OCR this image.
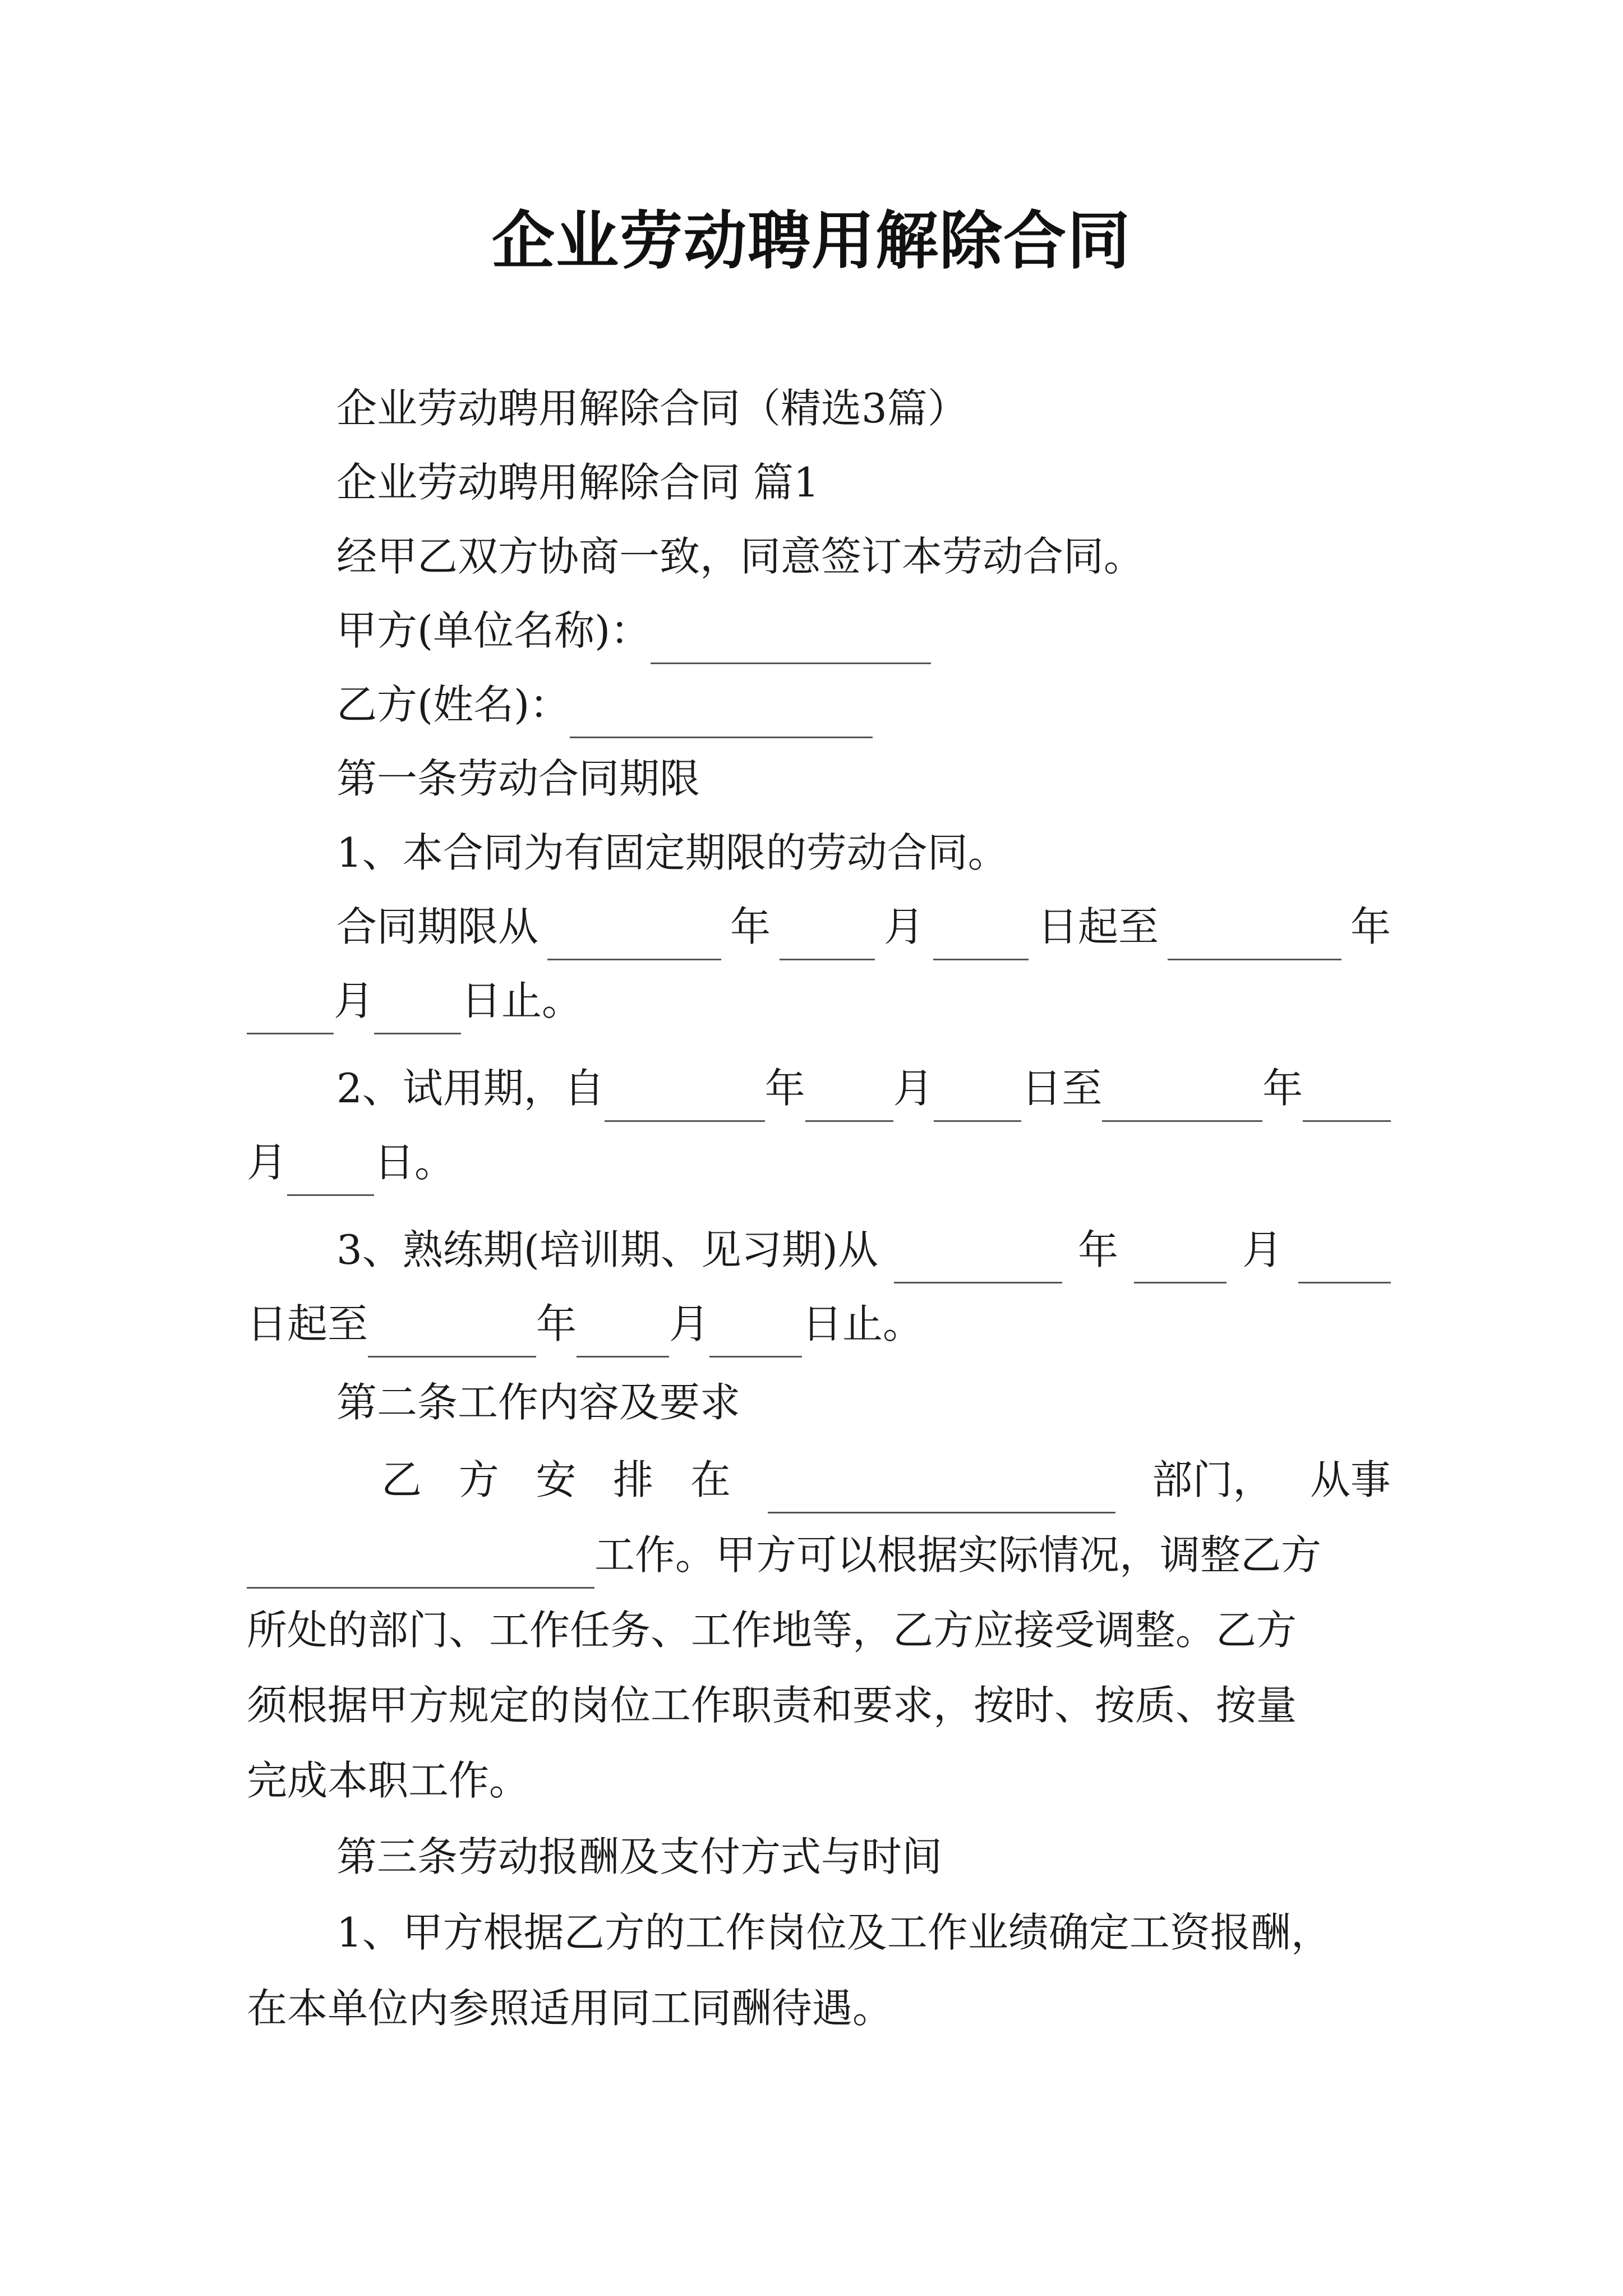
企业劳动聘用解除合同
企业劳动聘用解除合同（精选3篇）
企业劳动聘用解除合同 篇1
经甲乙双方协商一致，同意签订本劳动合同。
甲方(单位名称)：
乙方(姓名)：
第一条劳动合同期限
1、本合同为有固定期限的劳动合同。
合同期限从	年	月	日起至	年
月 日止。
2、试用期，自	年 月 日至	年
月 日。
3、熟练期(培训期、见习期)从	年	月
日起至	年 月 日止。
第二条工作内容及要求
乙 方 安 排 在	部门， 从事
工作。甲方可以根据实际情况，调整乙方
所处的部门、工作任务、工作地等，乙方应接受调整。乙方
须根据甲方规定的岗位工作职责和要求，按时、按质、按量
完成本职工作。
第三条劳动报酬及支付方式与时间
1、甲方根据乙方的工作岗位及工作业绩确定工资报酬，
在本单位内参照适用同工同酬待遇。
